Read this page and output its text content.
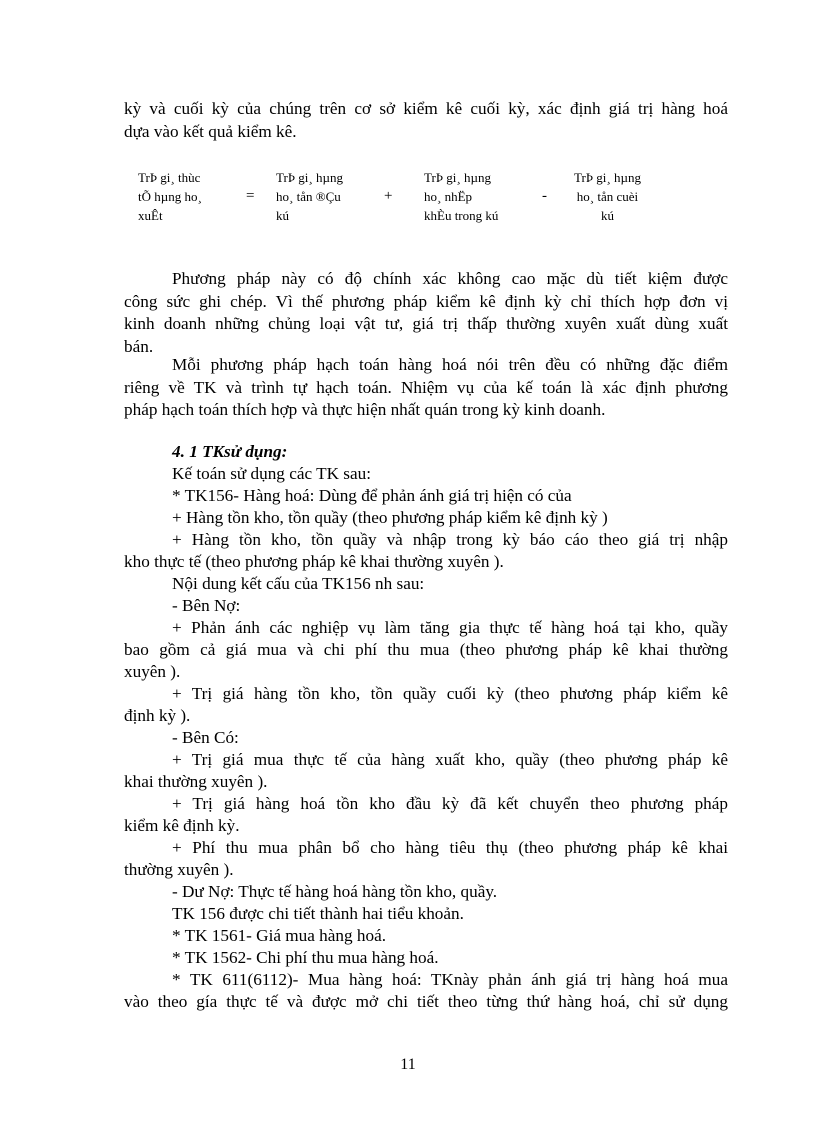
kỳ và cuối kỳ của chúng trên cơ sở kiểm kê cuối kỳ, xác định giá trị hàng hoá
dựa vào kết quả kiểm kê.
TrÞ gi¸ thùc
tÕ hµng ho¸
xuÊt
=
TrÞ gi¸ hµng
ho¸ tån ®Çu
kú
+
TrÞ gi¸ hµng
ho¸ nhËp
khÈu trong kú
-
TrÞ gi¸ hµng
ho¸ tån cuèi
kú
Phương pháp này có độ chính xác không cao mặc dù tiết kiệm được
công sức ghi chép. Vì thế phương pháp kiểm kê định kỳ chỉ thích hợp đơn vị
kinh doanh những chủng loại vật tư, giá trị thấp thường xuyên xuất dùng xuất
bán.
Mỗi phương pháp hạch toán hàng hoá nói trên đều có những đặc điểm
riêng về TK và trình tự hạch toán. Nhiệm vụ của kế toán là xác định phương
pháp hạch toán thích hợp và thực hiện nhất quán trong kỳ kinh doanh.
4. 1 TKsử dụng:
Kế toán sử dụng các TK sau:
* TK156- Hàng hoá: Dùng để phản ánh giá trị hiện có của
+ Hàng tồn kho, tồn quầy (theo phương pháp kiểm kê định kỳ )
+ Hàng tồn kho, tồn quầy và nhập trong kỳ báo cáo theo giá trị nhập
kho thực tế (theo phương pháp kê khai thường xuyên ).
Nội dung kết cấu của TK156 nh sau:
- Bên Nợ:
+ Phản ánh các nghiệp vụ làm tăng gia thực tế hàng hoá tại kho, quầy
bao gồm cả giá mua và chi phí thu mua (theo phương pháp kê khai thường
xuyên ).
+ Trị giá hàng tồn kho, tồn quầy cuối kỳ (theo phương pháp kiểm kê
định kỳ ).
- Bên Có:
+ Trị giá mua thực tế của hàng xuất kho, quầy (theo phương pháp kê
khai thường xuyên ).
+ Trị giá hàng hoá tồn kho đầu kỳ đã kết chuyển theo phương pháp
kiểm kê định kỳ.
+ Phí thu mua phân bổ cho hàng tiêu thụ (theo phương pháp kê khai
thường xuyên ).
- Dư Nợ: Thực tế hàng hoá hàng tồn kho, quầy.
TK 156 được chi tiết thành hai tiểu khoản.
* TK 1561- Giá mua hàng hoá.
* TK 1562- Chi phí thu mua hàng hoá.
* TK 611(6112)- Mua hàng hoá: TKnày phản ánh giá trị hàng hoá mua
vào theo gía thực tế và được mở chi tiết theo từng thứ hàng hoá, chỉ sử dụng
11
